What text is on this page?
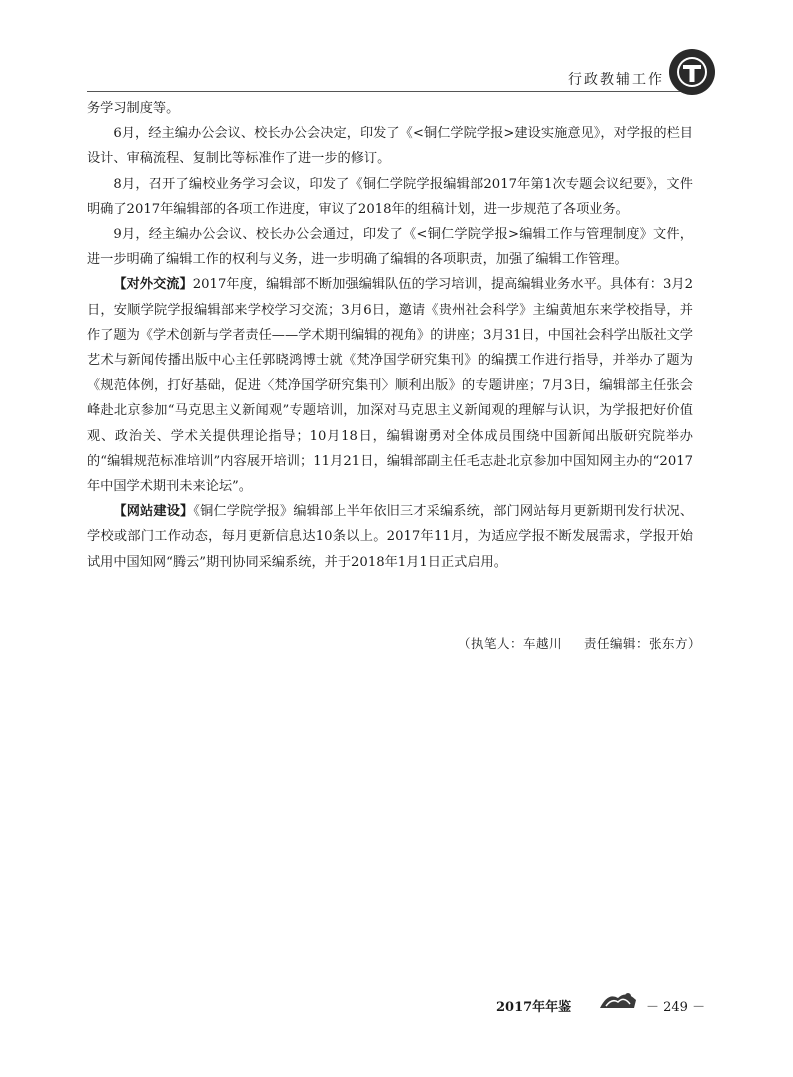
行政教辅工作

务学习制度等。

6月，经主编办公会议、校长办公会决定，印发了《<铜仁学院学报>建设实施意见》，对学报的栏目设计、审稿流程、复制比等标准作了进一步的修订。

8月，召开了编校业务学习会议，印发了《铜仁学院学报编辑部2017年第1次专题会议纪要》，文件明确了2017年编辑部的各项工作进度，审议了2018年的组稿计划，进一步规范了各项业务。

9月，经主编办公会议、校长办公会通过，印发了《<铜仁学院学报>编辑工作与管理制度》文件，进一步明确了编辑工作的权利与义务，进一步明确了编辑的各项职责，加强了编辑工作管理。

【对外交流】2017年度，编辑部不断加强编辑队伍的学习培训，提高编辑业务水平。具体有：3月2日，安顺学院学报编辑部来学校学习交流；3月6日，邀请《贵州社会科学》主编黄旭东来学校指导，并作了题为《学术创新与学者责任——学术期刊编辑的视角》的讲座；3月31日，中国社会科学出版社文学艺术与新闻传播出版中心主任郭晓鸿博士就《梵净国学研究集刊》的编撰工作进行指导，并举办了题为《规范体例，打好基础，促进〈梵净国学研究集刊〉顺利出版》的专题讲座；7月3日，编辑部主任张会峰赴北京参加“马克思主义新闻观”专题培训，加深对马克思主义新闻观的理解与认识，为学报把好价值观、政治关、学术关提供理论指导；10月18日，编辑谢勇对全体成员围绕中国新闻出版研究院举办的“编辑规范标准培训”内容展开培训；11月21日，编辑部副主任毛志赴北京参加中国知网主办的“2017年中国学术期刊未来论坛”。

【网站建设】《铜仁学院学报》编辑部上半年依旧三才采编系统，部门网站每月更新期刊发行状况、学校或部门工作动态，每月更新信息达10条以上。2017年11月，为适应学报不断发展需求，学报开始试用中国知网“腾云”期刊协同采编系统，并于2018年1月1日正式启用。

（执笔人：车越川 责任编辑：张东方）
2017年年鉴	－ 249 －
